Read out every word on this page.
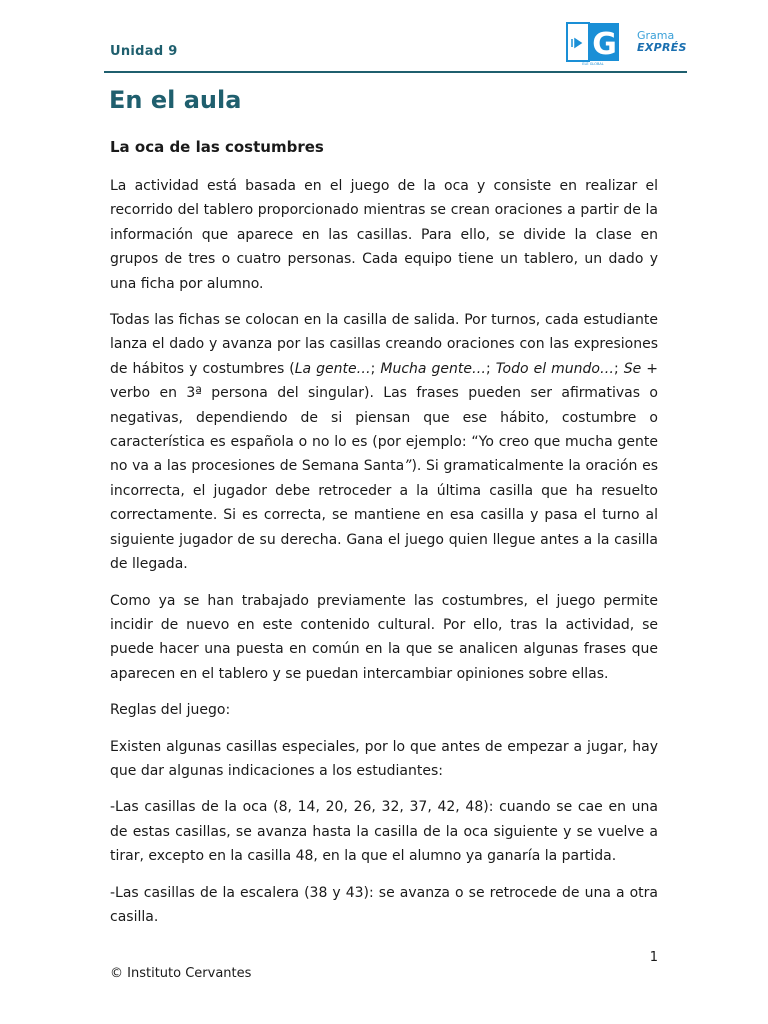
Unidad 9	G
ELE GLOBAL
Grama
EXPRÉS
En el aula
La oca de las costumbres

La actividad está basada en el juego de la oca y consiste en realizar el recorrido del tablero proporcionado mientras se crean oraciones a partir de la información que aparece en las casillas. Para ello, se divide la clase en grupos de tres o cuatro personas. Cada equipo tiene un tablero, un dado y una ficha por alumno.

Todas las fichas se colocan en la casilla de salida. Por turnos, cada estudiante lanza el dado y avanza por las casillas creando oraciones con las expresiones de hábitos y costumbres (La gente…; Mucha gente…; Todo el mundo…; Se + verbo en 3ª persona del singular). Las frases pueden ser afirmativas o negativas, dependiendo de si piensan que ese hábito, costumbre o característica es española o no lo es (por ejemplo: “Yo creo que mucha gente no va a las procesiones de Semana Santa”). Si gramaticalmente la oración es incorrecta, el jugador debe retroceder a la última casilla que ha resuelto correctamente. Si es correcta, se mantiene en esa casilla y pasa el turno al siguiente jugador de su derecha. Gana el juego quien llegue antes a la casilla de llegada.

Como ya se han trabajado previamente las costumbres, el juego permite incidir de nuevo en este contenido cultural. Por ello, tras la actividad, se puede hacer una puesta en común en la que se analicen algunas frases que aparecen en el tablero y se puedan intercambiar opiniones sobre ellas.

Reglas del juego:

Existen algunas casillas especiales, por lo que antes de empezar a jugar, hay que dar algunas indicaciones a los estudiantes:

-Las casillas de la oca (8, 14, 20, 26, 32, 37, 42, 48): cuando se cae en una de estas casillas, se avanza hasta la casilla de la oca siguiente y se vuelve a tirar, excepto en la casilla 48, en la que el alumno ya ganaría la partida.

-Las casillas de la escalera (38 y 43): se avanza o se retrocede de una a otra casilla.

1
© Instituto Cervantes
